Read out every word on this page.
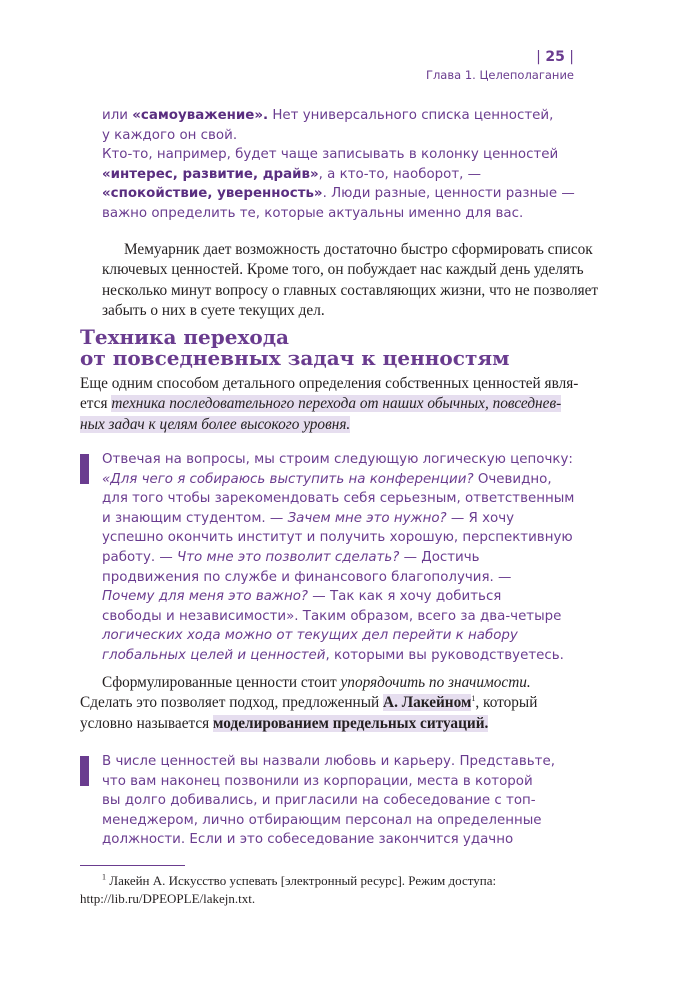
| 25 |
Глава 1. Целеполагание
или «самоуважение». Нет универсального списка ценностей,
у каждого он свой.
Кто-то, например, будет чаще записывать в колонку ценностей
«интерес, развитие, драйв», а кто-то, наоборот, —
«спокойствие, уверенность». Люди разные, ценности разные —
важно определить те, которые актуальны именно для вас.
Мемуарник дает возможность достаточно быстро сформировать список
ключевых ценностей. Кроме того, он побуждает нас каждый день уделять
несколько минут вопросу о главных составляющих жизни, что не позволяет
забыть о них в суете текущих дел.
Техника перехода
от повседневных задач к ценностям
Еще одним способом детального определения собственных ценностей явля-
ется техника последовательного перехода от наших обычных, повседнев-
ных задач к целям более высокого уровня.
Отвечая на вопросы, мы строим следующую логическую цепочку:
«Для чего я собираюсь выступить на конференции? Очевидно,
для того чтобы зарекомендовать себя серьезным, ответственным
и знающим студентом. — Зачем мне это нужно? — Я хочу
успешно окончить институт и получить хорошую, перспективную
работу. — Что мне это позволит сделать? — Достичь
продвижения по службе и финансового благополучия. —
Почему для меня это важно? — Так как я хочу добиться
свободы и независимости». Таким образом, всего за два-четыре
логических хода можно от текущих дел перейти к набору
глобальных целей и ценностей, которыми вы руководствуетесь.
Сформулированные ценности стоит упорядочить по значимости.
Сделать это позволяет подход, предложенный А. Лакейном$^1$, который
условно называется моделированием предельных ситуаций.
В числе ценностей вы назвали любовь и карьеру. Представьте,
что вам наконец позвонили из корпорации, места в которой
вы долго добивались, и пригласили на собеседование с топ-
менеджером, лично отбирающим персонал на определенные
должности. Если и это собеседование закончится удачно
$^1$ Лакейн А. Искусство успевать [электронный ресурс]. Режим доступа:
http://lib.ru/DPEOPLE/lakejn.txt.
